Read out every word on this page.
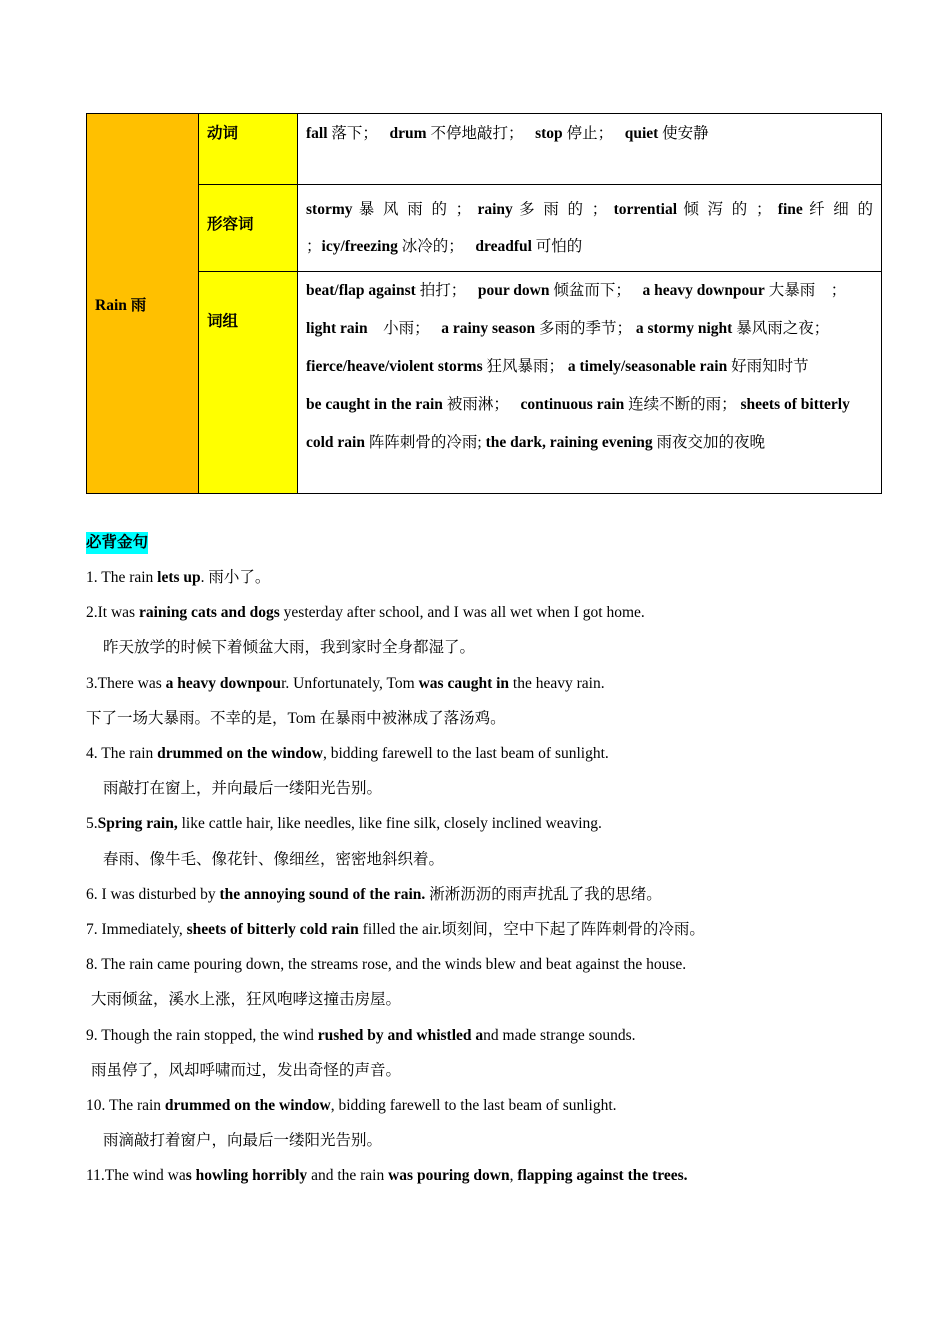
Rain 雨	动词	fall 落下；　 drum 不停地敲打；　 stop 停止；　 quiet 使安静

	形容词	stormy 暴 风 雨 的 ； rainy 多 雨 的 ； torrential 倾 泻 的 ； fine 纤 细 的
；icy/freezing 冰冷的；　 dreadful 可怕的

	词组	beat/flap against 拍打；　 pour down 倾盆而下；　 a heavy downpour 大暴雨　；
light rain　小雨；　 a rainy season 多雨的季节； a stormy night 暴风雨之夜；
fierce/heave/violent storms 狂风暴雨； a timely/seasonable rain 好雨知时节
be caught in the rain 被雨淋；　 continuous rain 连续不断的雨； sheets of bitterly
cold rain 阵阵刺骨的冷雨; the dark, raining evening 雨夜交加的夜晚
必背金句
1. The rain lets up. 雨小了。
2.It was raining cats and dogs yesterday after school, and I was all wet when I got home.
昨天放学的时候下着倾盆大雨，我到家时全身都湿了。
3.There was a heavy downpour. Unfortunately, Tom was caught in the heavy rain.
下了一场大暴雨。不幸的是，Tom 在暴雨中被淋成了落汤鸡。
4. The rain drummed on the window, bidding farewell to the last beam of sunlight.
雨敲打在窗上，并向最后一缕阳光告别。
5.Spring rain, like cattle hair, like needles, like fine silk, closely inclined weaving.
春雨、像牛毛、像花针、像细丝，密密地斜织着。
6. I was disturbed by the annoying sound of the rain. 淅淅沥沥的雨声扰乱了我的思绪。
7. Immediately, sheets of bitterly cold rain filled the air.顷刻间，空中下起了阵阵刺骨的冷雨。
8. The rain came pouring down, the streams rose, and the winds blew and beat against the house.
大雨倾盆，溪水上涨，狂风咆哮这撞击房屋。
9. Though the rain stopped, the wind rushed by and whistled and made strange sounds.
雨虽停了，风却呼啸而过，发出奇怪的声音。
10. The rain drummed on the window, bidding farewell to the last beam of sunlight.
雨滴敲打着窗户，向最后一缕阳光告别。
11.The wind was howling horribly and the rain was pouring down, flapping against the trees.
